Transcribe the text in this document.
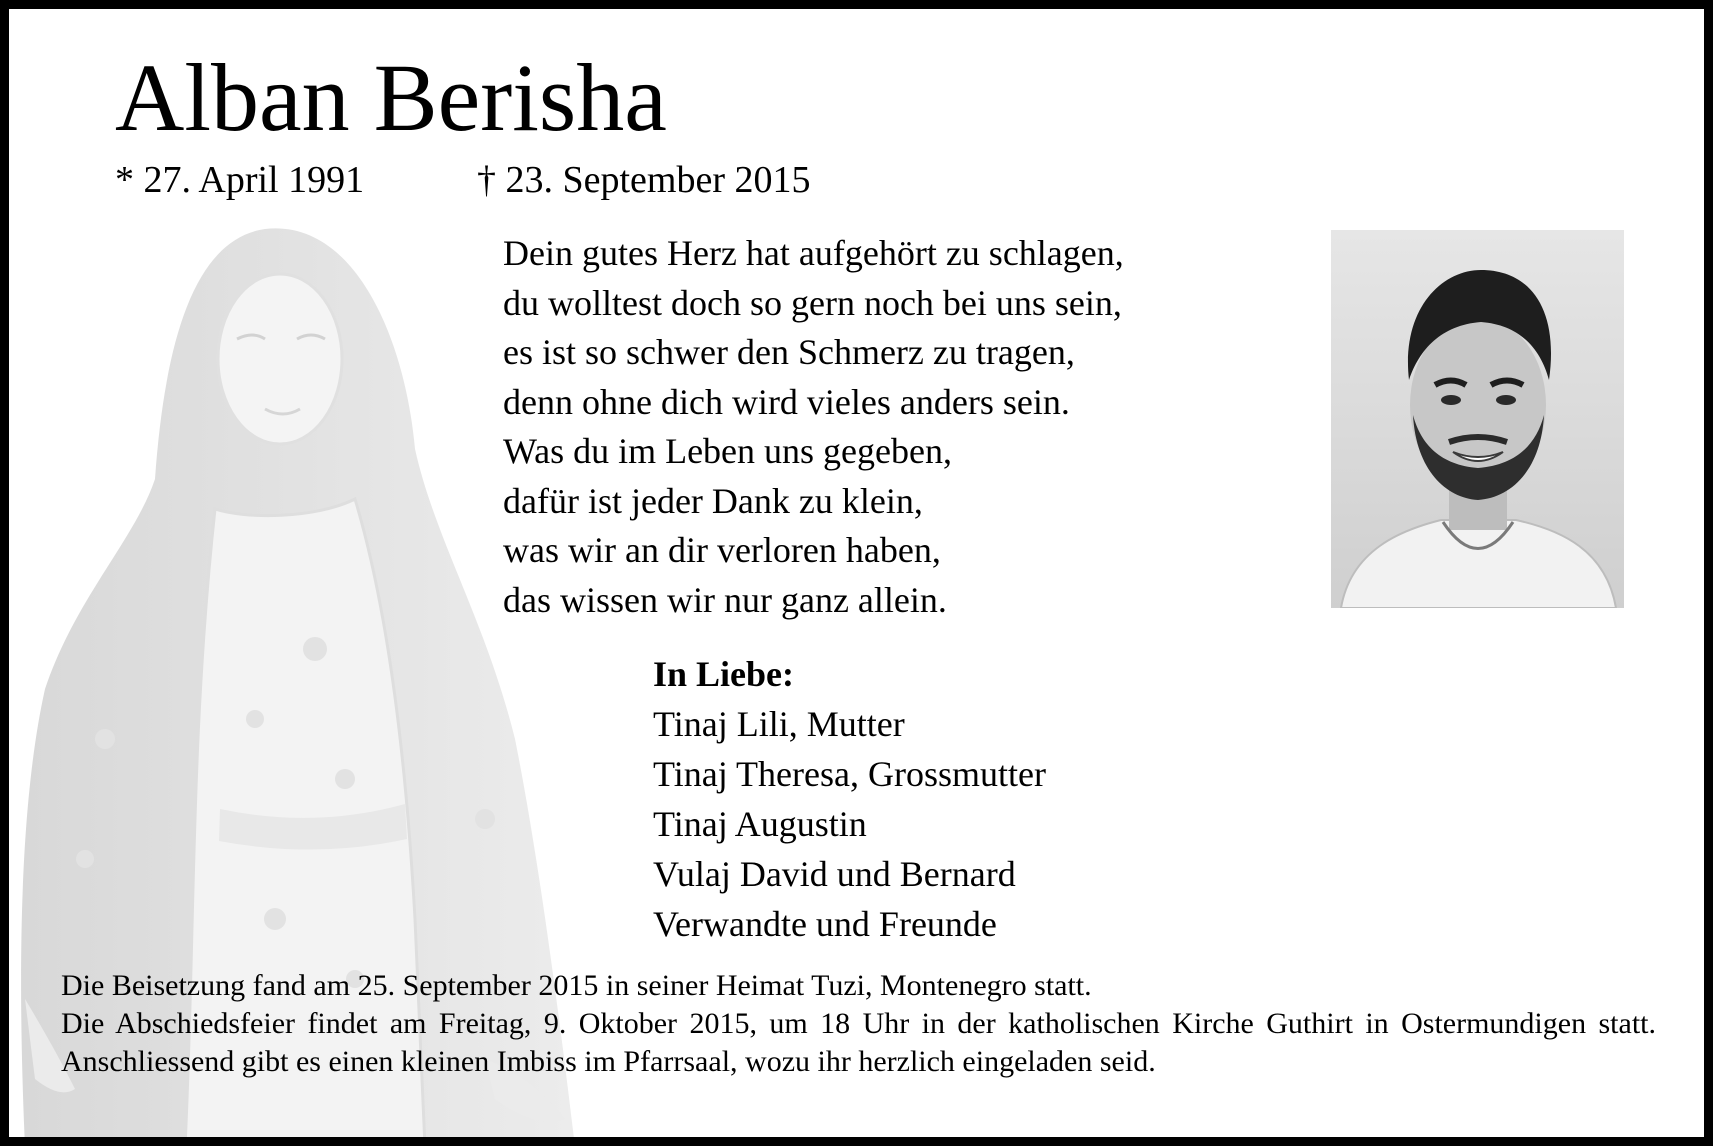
Alban Berisha
* 27. April 1991	† 23. September 2015
Dein gutes Herz hat aufgehört zu schlagen,
du wolltest doch so gern noch bei uns sein,
es ist so schwer den Schmerz zu tragen,
denn ohne dich wird vieles anders sein.
Was du im Leben uns gegeben,
dafür ist jeder Dank zu klein,
was wir an dir verloren haben,
das wissen wir nur ganz allein.
In Liebe:
Tinaj Lili, Mutter
Tinaj Theresa, Grossmutter
Tinaj Augustin
Vulaj David und Bernard
Verwandte und Freunde

Die Beisetzung fand am 25. September 2015 in seiner Heimat Tuzi, Montenegro statt.

Die Abschiedsfeier findet am Freitag, 9. Oktober 2015, um 18 Uhr in der katholischen Kirche Guthirt in Ostermundigen statt. Anschliessend gibt es einen kleinen Imbiss im Pfarrsaal, wozu ihr herzlich eingeladen seid.
